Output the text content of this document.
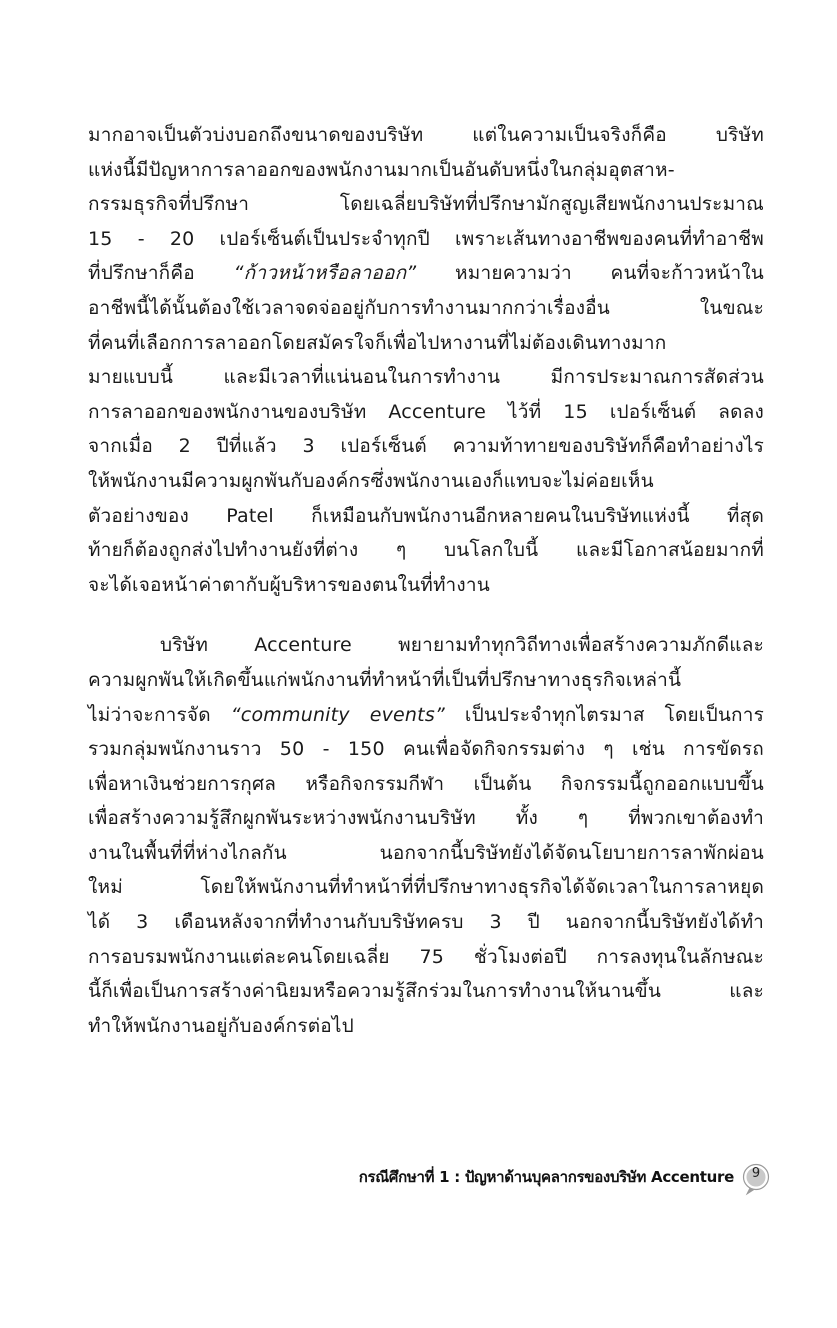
มากอาจเป็นตัวบ่งบอกถึงขนาดของบริษัท แต่ในความเป็นจริงก็คือ บริษัท
แห่งนี้มีปัญหาการลาออกของพนักงานมากเป็นอันดับหนึ่งในกลุ่มอุตสาห-
กรรมธุรกิจที่ปรึกษา โดยเฉลี่ยบริษัทที่ปรึกษามักสูญเสียพนักงานประมาณ
15 - 20 เปอร์เซ็นต์เป็นประจำทุกปี เพราะเส้นทางอาชีพของคนที่ทำอาชีพ
ที่ปรึกษาก็คือ “ก้าวหน้าหรือลาออก” หมายความว่า คนที่จะก้าวหน้าใน
อาชีพนี้ได้นั้นต้องใช้เวลาจดจ่ออยู่กับการทำงานมากกว่าเรื่องอื่น ในขณะ
ที่คนที่เลือกการลาออกโดยสมัครใจก็เพื่อไปหางานที่ไม่ต้องเดินทางมาก
มายแบบนี้ และมีเวลาที่แน่นอนในการทำงาน มีการประมาณการสัดส่วน
การลาออกของพนักงานของบริษัท Accenture ไว้ที่ 15 เปอร์เซ็นต์ ลดลง
จากเมื่อ 2 ปีที่แล้ว 3 เปอร์เซ็นต์ ความท้าทายของบริษัทก็คือทำอย่างไร
ให้พนักงานมีความผูกพันกับองค์กรซึ่งพนักงานเองก็แทบจะไม่ค่อยเห็น
ตัวอย่างของ Patel ก็เหมือนกับพนักงานอีกหลายคนในบริษัทแห่งนี้ ที่สุด
ท้ายก็ต้องถูกส่งไปทำงานยังที่ต่าง ๆ บนโลกใบนี้ และมีโอกาสน้อยมากที่
จะได้เจอหน้าค่าตากับผู้บริหารของตนในที่ทำงาน
บริษัท Accenture พยายามทำทุกวิถีทางเพื่อสร้างความภักดีและ
ความผูกพันให้เกิดขึ้นแก่พนักงานที่ทำหน้าที่เป็นที่ปรึกษาทางธุรกิจเหล่านี้
ไม่ว่าจะการจัด “community events” เป็นประจำทุกไตรมาส โดยเป็นการ
รวมกลุ่มพนักงานราว 50 - 150 คนเพื่อจัดกิจกรรมต่าง ๆ เช่น การขัดรถ
เพื่อหาเงินช่วยการกุศล หรือกิจกรรมกีฬา เป็นต้น กิจกรรมนี้ถูกออกแบบขึ้น
เพื่อสร้างความรู้สึกผูกพันระหว่างพนักงานบริษัท ทั้ง ๆ ที่พวกเขาต้องทำ
งานในพื้นที่ที่ห่างไกลกัน นอกจากนี้บริษัทยังได้จัดนโยบายการลาพักผ่อน
ใหม่ โดยให้พนักงานที่ทำหน้าที่ที่ปรึกษาทางธุรกิจได้จัดเวลาในการลาหยุด
ได้ 3 เดือนหลังจากที่ทำงานกับบริษัทครบ 3 ปี นอกจากนี้บริษัทยังได้ทำ
การอบรมพนักงานแต่ละคนโดยเฉลี่ย 75 ชั่วโมงต่อปี การลงทุนในลักษณะ
นี้ก็เพื่อเป็นการสร้างค่านิยมหรือความรู้สึกร่วมในการทำงานให้นานขึ้น และ
ทำให้พนักงานอยู่กับองค์กรต่อไป
กรณีศึกษาที่ 1 : ปัญหาด้านบุคลากรของบริษัท Accenture	9
